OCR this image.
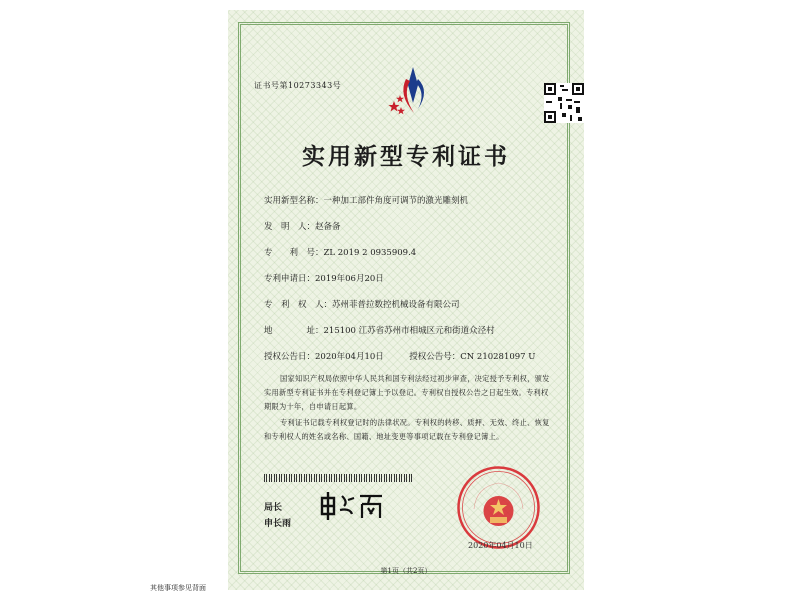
证书号第10273343号
实用新型专利证书
实用新型名称：一种加工部件角度可调节的激光雕刻机
发　明　人：赵备备
专　　利　号：ZL 2019 2 0935909.4
专利申请日：2019年06月20日
专　利　权　人：苏州菲普拉数控机械设备有限公司
地　　　　址：215100 江苏省苏州市相城区元和街道众泾村
授权公告日：2020年04月10日　　　授权公告号：CN 210281097 U
国家知识产权局依照中华人民共和国专利法经过初步审查，决定授予专利权，颁发实用新型专利证书并在专利登记簿上予以登记。专利权自授权公告之日起生效。专利权期限为十年，自申请日起算。
专利证书记载专利权登记时的法律状况。专利权的转移、质押、无效、终止、恢复和专利权人的姓名或名称、国籍、地址变更等事项记载在专利登记簿上。
局长
申长雨
2020年04月10日
第1页（共2页）
其他事项参见背面
